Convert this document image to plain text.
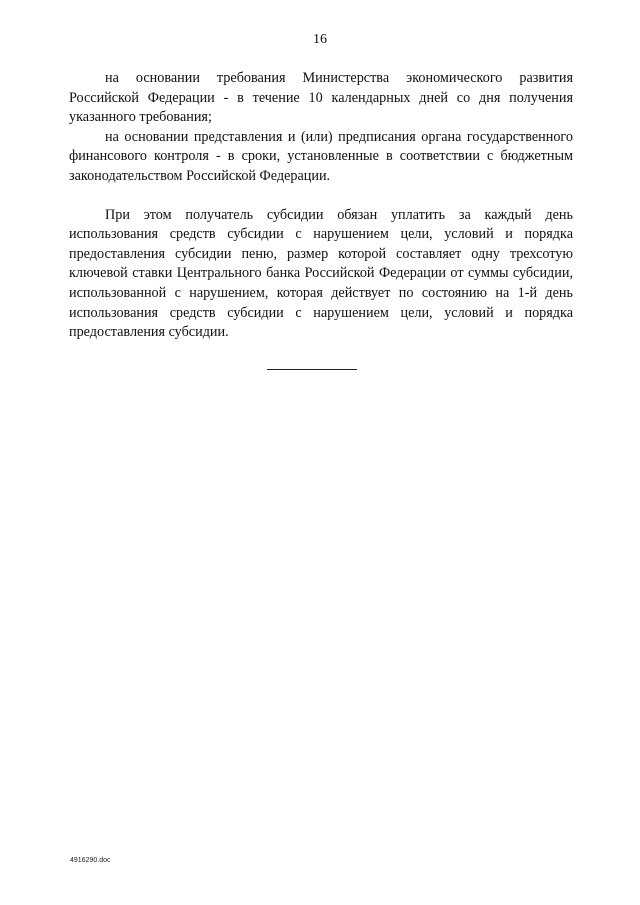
16

на основании требования Министерства экономического развития Российской Федерации - в течение 10 календарных дней со дня получения указанного требования;

на основании представления и (или) предписания органа государственного финансового контроля - в сроки, установленные в соответствии с бюджетным законодательством Российской Федерации.

При этом получатель субсидии обязан уплатить за каждый день использования средств субсидии с нарушением цели, условий и порядка предоставления субсидии пеню, размер которой составляет одну трехсотую ключевой ставки Центрального банка Российской Федерации от суммы субсидии, использованной с нарушением, которая действует по состоянию на 1-й день использования средств субсидии с нарушением цели, условий и порядка предоставления субсидии.

4916290.doc
